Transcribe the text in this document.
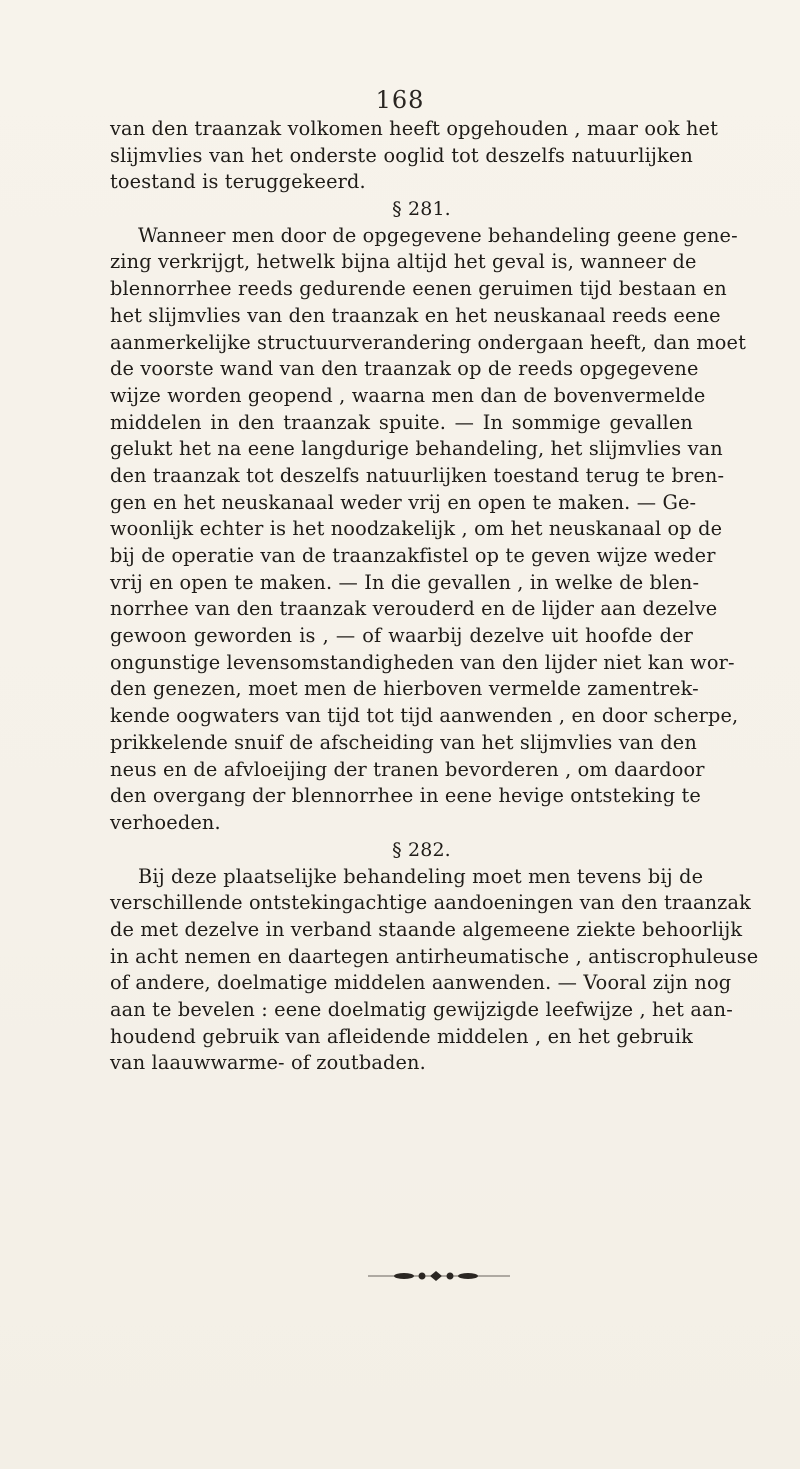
168
van den traanzak volkomen heeft opgehouden , maar ook het
slijmvlies van het onderste ooglid tot deszelfs natuurlijken
toestand is teruggekeerd.
§ 281.
Wanneer men door de opgegevene behandeling geene gene-
zing verkrijgt, hetwelk bijna altijd het geval is, wanneer de
blennorrhee reeds gedurende eenen geruimen tijd bestaan en
het slijmvlies van den traanzak en het neuskanaal reeds eene
aanmerkelijke structuurverandering ondergaan heeft, dan moet
de voorste wand van den traanzak op de reeds opgegevene
wijze worden geopend , waarna men dan de bovenvermelde
middelen in den traanzak spuite. — In sommige gevallen
gelukt het na eene langdurige behandeling, het slijmvlies van
den traanzak tot deszelfs natuurlijken toestand terug te bren-
gen en het neuskanaal weder vrij en open te maken. — Ge-
woonlijk echter is het noodzakelijk , om het neuskanaal op de
bij de operatie van de traanzakfistel op te geven wijze weder
vrij en open te maken. — In die gevallen , in welke de blen-
norrhee van den traanzak verouderd en de lijder aan dezelve
gewoon geworden is , — of waarbij dezelve uit hoofde der
ongunstige levensomstandigheden van den lijder niet kan wor-
den genezen, moet men de hierboven vermelde zamentrek-
kende oogwaters van tijd tot tijd aanwenden , en door scherpe,
prikkelende snuif de afscheiding van het slijmvlies van den
neus en de afvloeijing der tranen bevorderen , om daardoor
den overgang der blennorrhee in eene hevige ontsteking te
verhoeden.
§ 282.
Bij deze plaatselijke behandeling moet men tevens bij de
verschillende ontstekingachtige aandoeningen van den traanzak
de met dezelve in verband staande algemeene ziekte behoorlijk
in acht nemen en daartegen antirheumatische , antiscrophuleuse
of andere, doelmatige middelen aanwenden. — Vooral zijn nog
aan te bevelen : eene doelmatig gewijzigde leefwijze , het aan-
houdend gebruik van afleidende middelen , en het gebruik
van laauwwarme- of zoutbaden.
